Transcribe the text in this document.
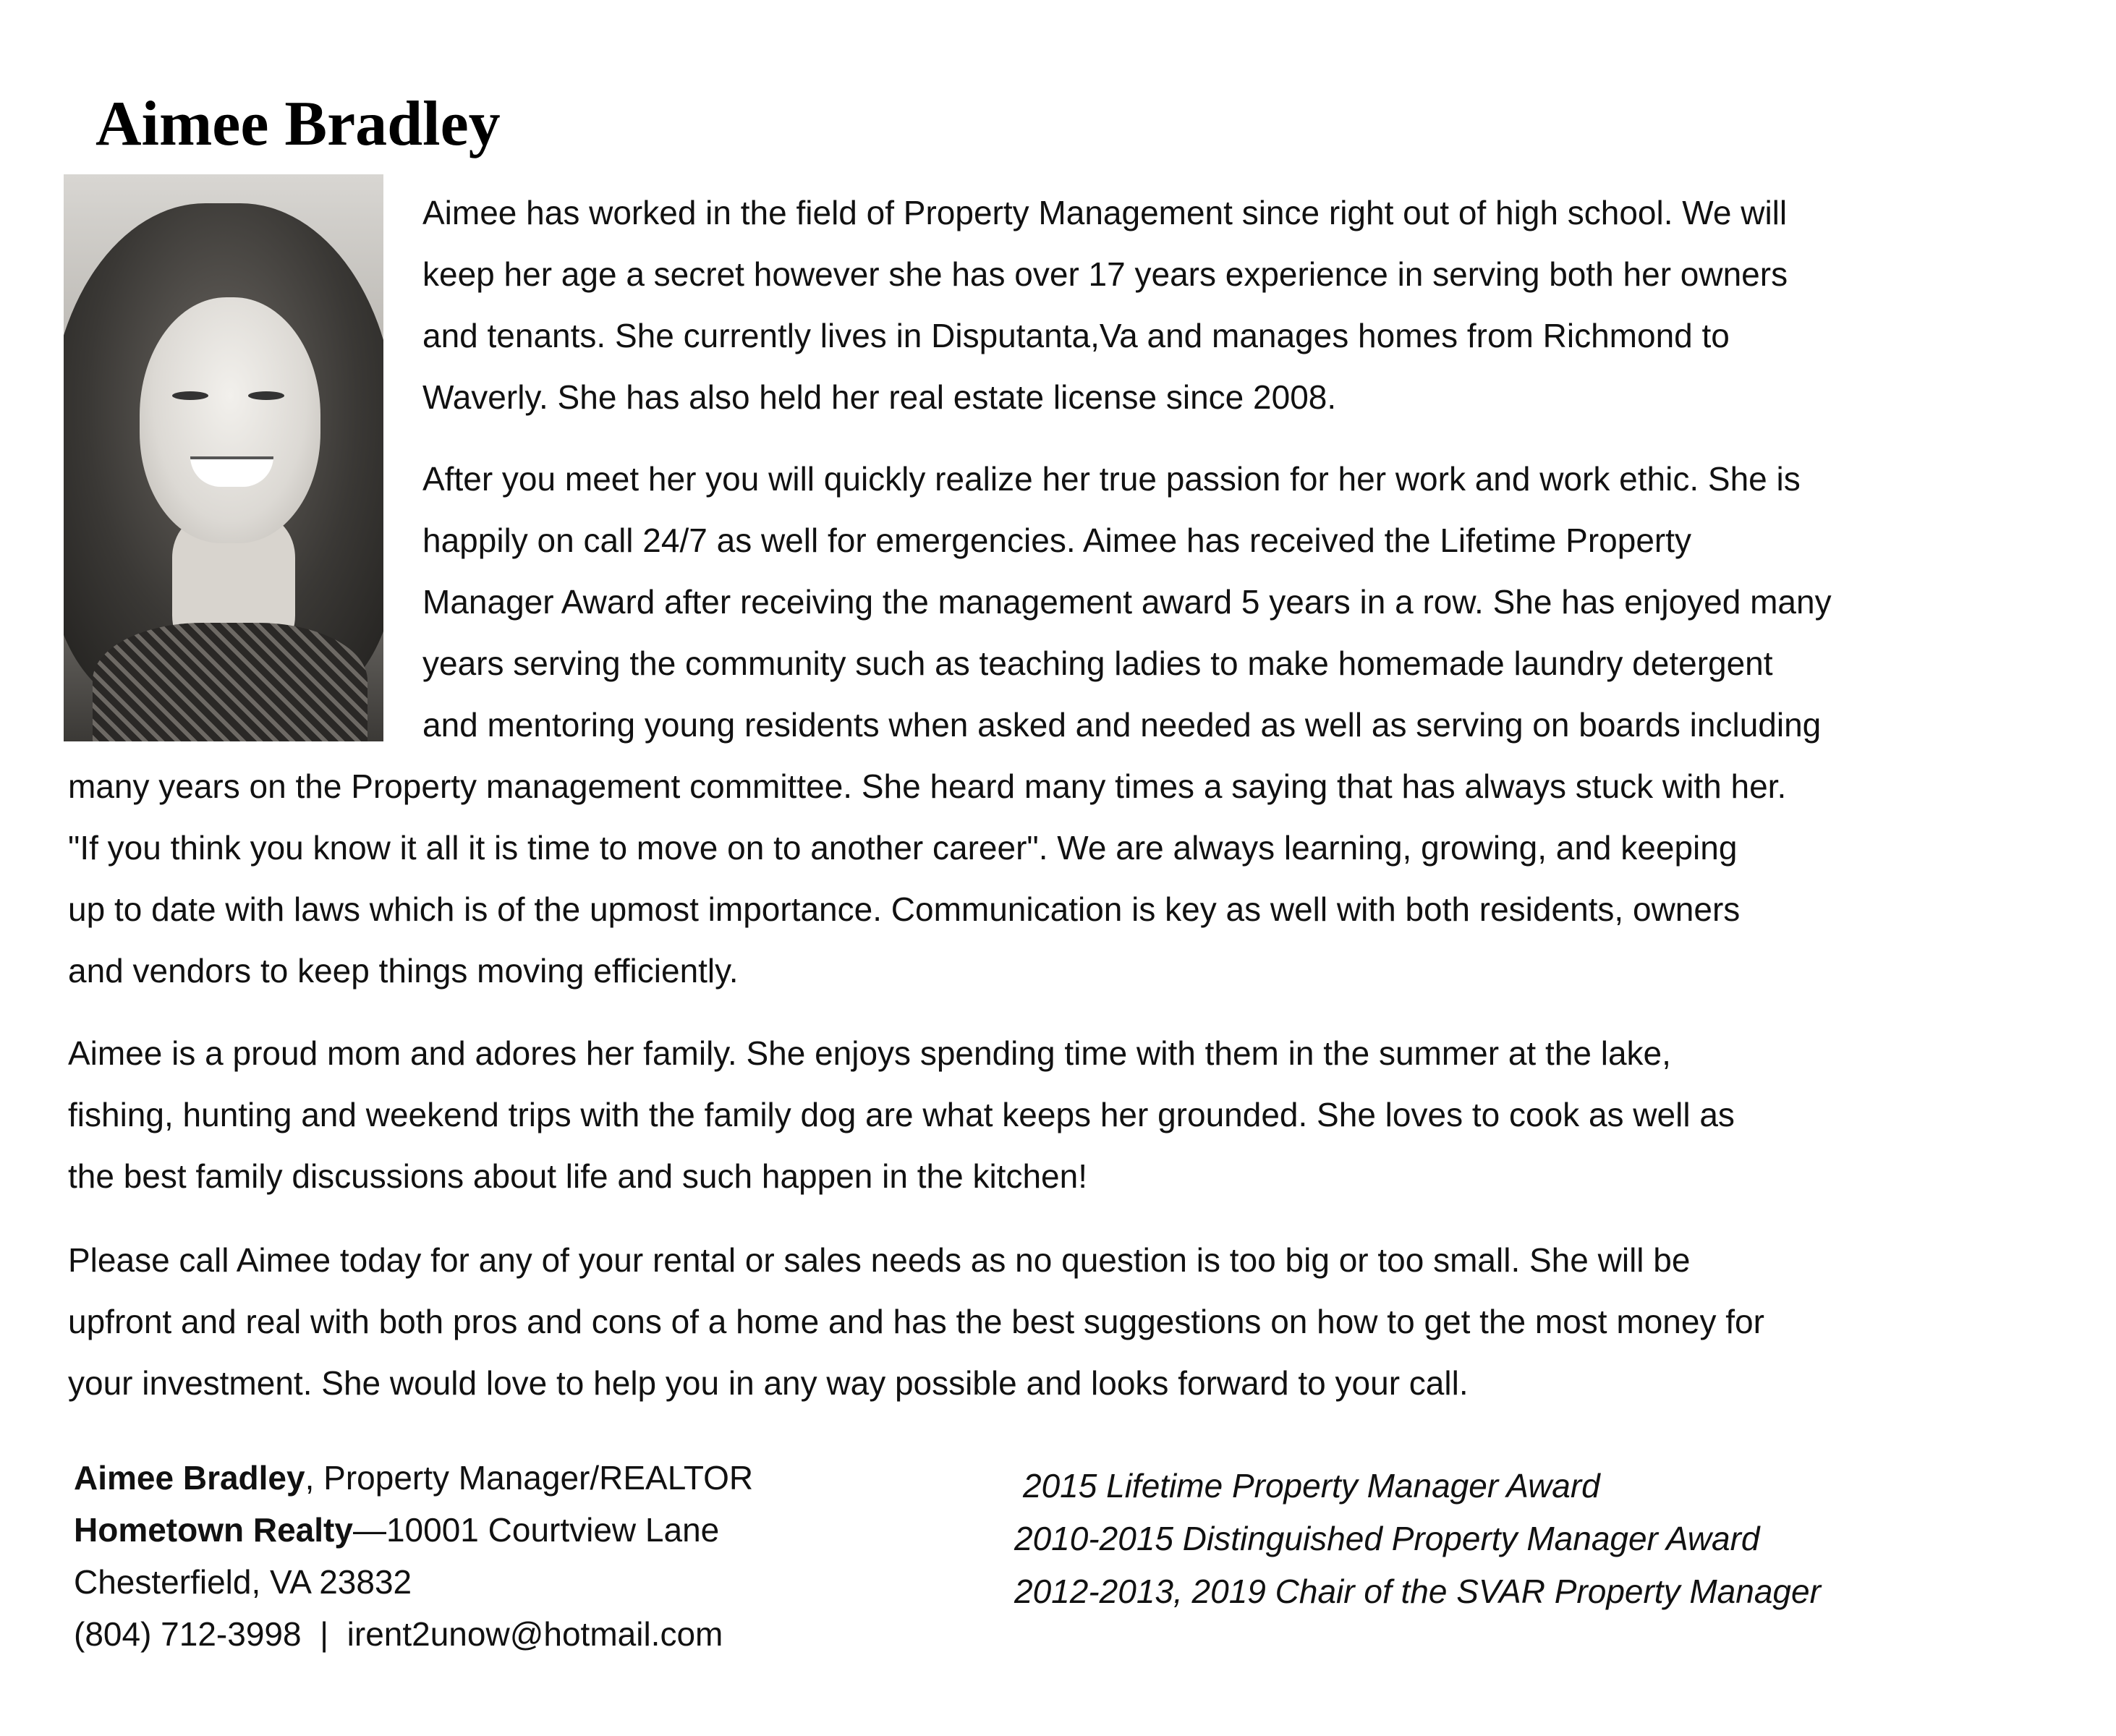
Aimee Bradley
Aimee has worked in the field of Property Management since right out of high school. We will
keep her age a secret however she has over 17 years experience in serving both her owners
and tenants. She currently lives in Disputanta,Va and manages homes from Richmond to
Waverly. She has also held her real estate license since 2008.
After you meet her you will quickly realize her true passion for her work and work ethic. She is
happily on call 24/7 as well for emergencies. Aimee has received the Lifetime Property
Manager Award after receiving the management award 5 years in a row. She has enjoyed many
years serving the community such as teaching ladies to make homemade laundry detergent
and mentoring young residents when asked and needed as well as serving on boards including
many years on the Property management committee. She heard many times a saying that has always stuck with her.
"If you think you know it all it is time to move on to another career". We are always learning, growing, and keeping
up to date with laws which is of the upmost importance. Communication is key as well with both residents, owners
and vendors to keep things moving efficiently.
Aimee is a proud mom and adores her family. She enjoys spending time with them in the summer at the lake,
fishing, hunting and weekend trips with the family dog are what keeps her grounded. She loves to cook as well as
the best family discussions about life and such happen in the kitchen!
Please call Aimee today for any of your rental or sales needs as no question is too big or too small. She will be
upfront and real with both pros and cons of a home and has the best suggestions on how to get the most money for
your investment. She would love to help you in any way possible and looks forward to your call.
Aimee Bradley, Property Manager/REALTOR
Hometown Realty—10001 Courtview Lane
Chesterfield, VA 23832
(804) 712-3998  |  irent2unow@hotmail.com
2015 Lifetime Property Manager Award
2010-2015 Distinguished Property Manager Award
2012-2013, 2019 Chair of the SVAR Property Manager
